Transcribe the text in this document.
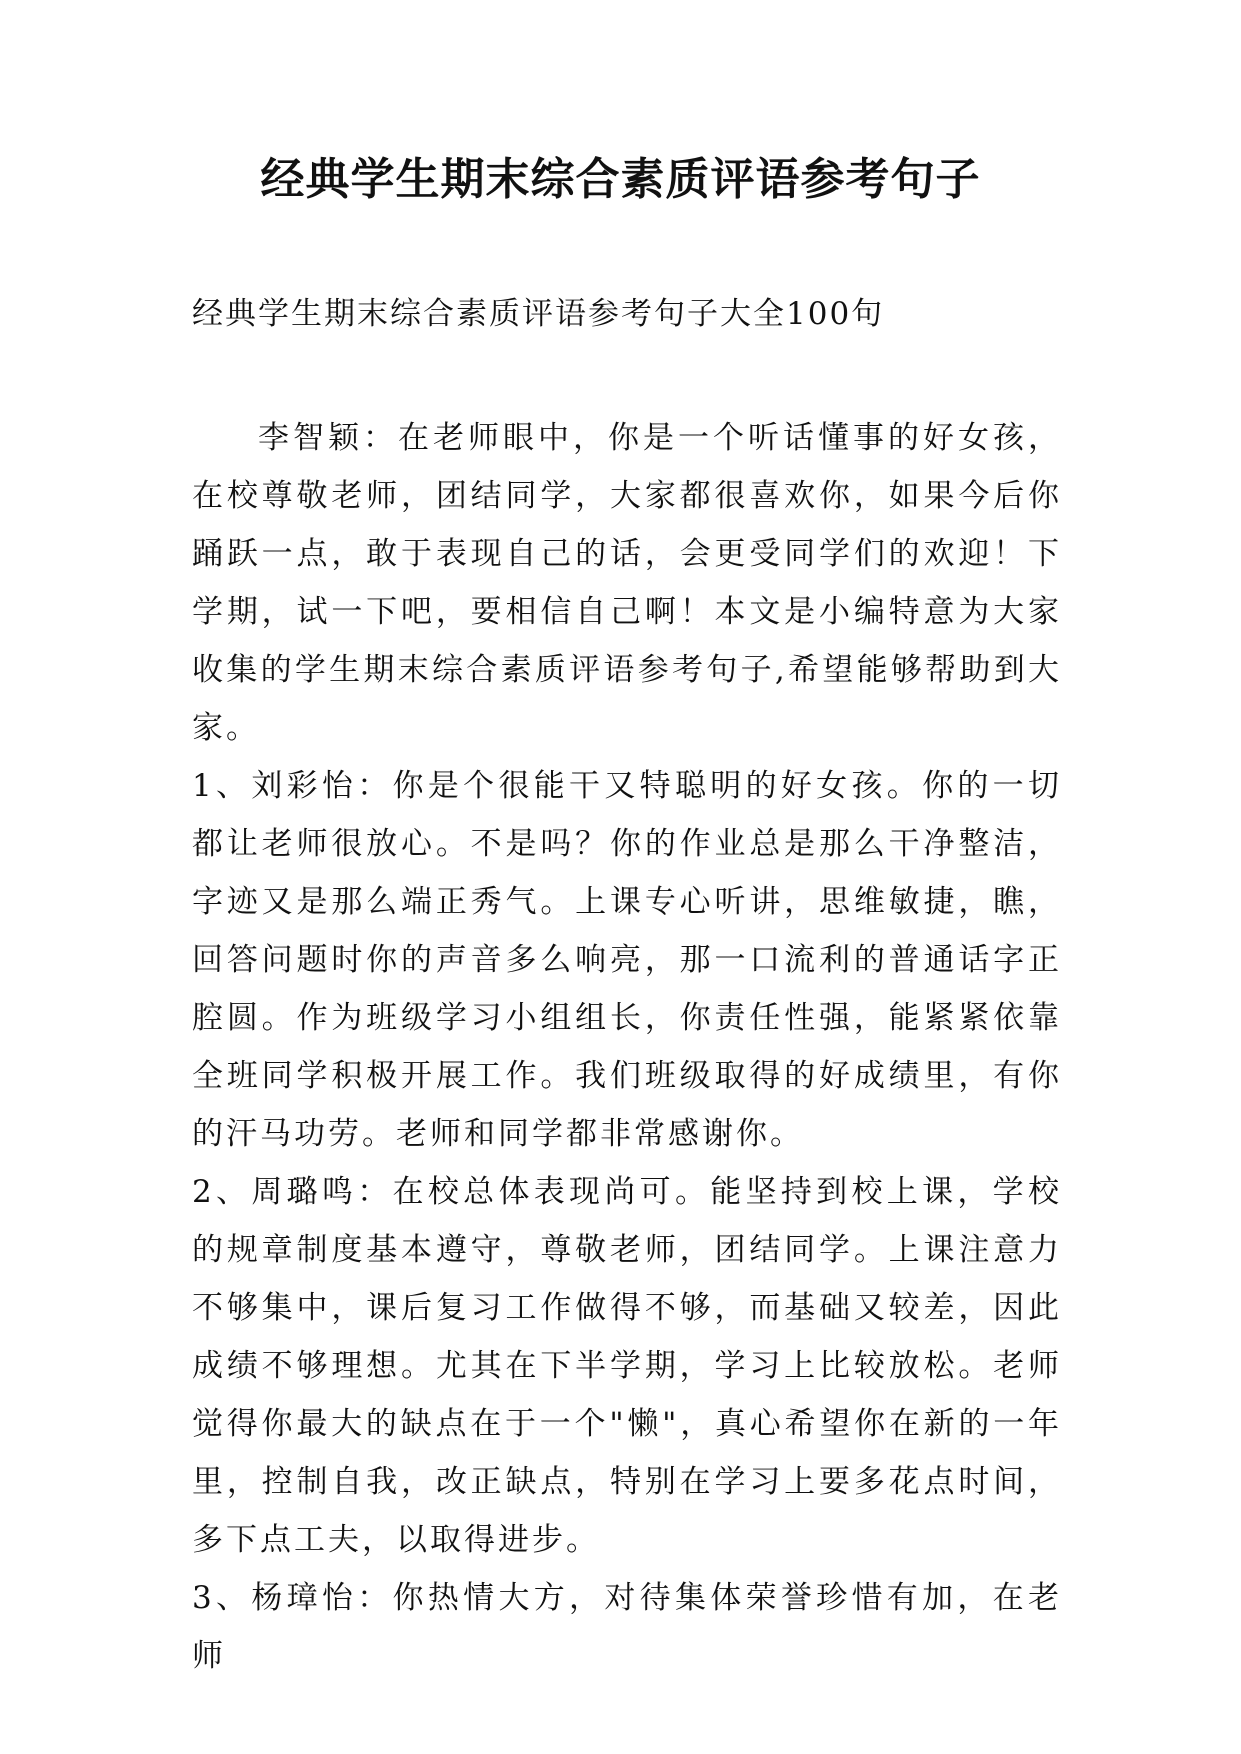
经典学生期末综合素质评语参考句子

经典学生期末综合素质评语参考句子大全100句

李智颖：在老师眼中，你是一个听话懂事的好女孩，在校尊敬老师，团结同学，大家都很喜欢你，如果今后你踊跃一点，敢于表现自己的话，会更受同学们的欢迎！下学期，试一下吧，要相信自己啊！本文是小编特意为大家收集的学生期末综合素质评语参考句子,希望能够帮助到大家。

1、刘彩怡：你是个很能干又特聪明的好女孩。你的一切都让老师很放心。不是吗？你的作业总是那么干净整洁，字迹又是那么端正秀气。上课专心听讲，思维敏捷，瞧，回答问题时你的声音多么响亮，那一口流利的普通话字正腔圆。作为班级学习小组组长，你责任性强，能紧紧依靠全班同学积极开展工作。我们班级取得的好成绩里，有你的汗马功劳。老师和同学都非常感谢你。

2、周璐鸣：在校总体表现尚可。能坚持到校上课，学校的规章制度基本遵守，尊敬老师，团结同学。上课注意力不够集中，课后复习工作做得不够，而基础又较差，因此成绩不够理想。尤其在下半学期，学习上比较放松。老师觉得你最大的缺点在于一个"懒"，真心希望你在新的一年里，控制自我，改正缺点，特别在学习上要多花点时间，多下点工夫，以取得进步。

3、杨璋怡：你热情大方，对待集体荣誉珍惜有加，在老师
